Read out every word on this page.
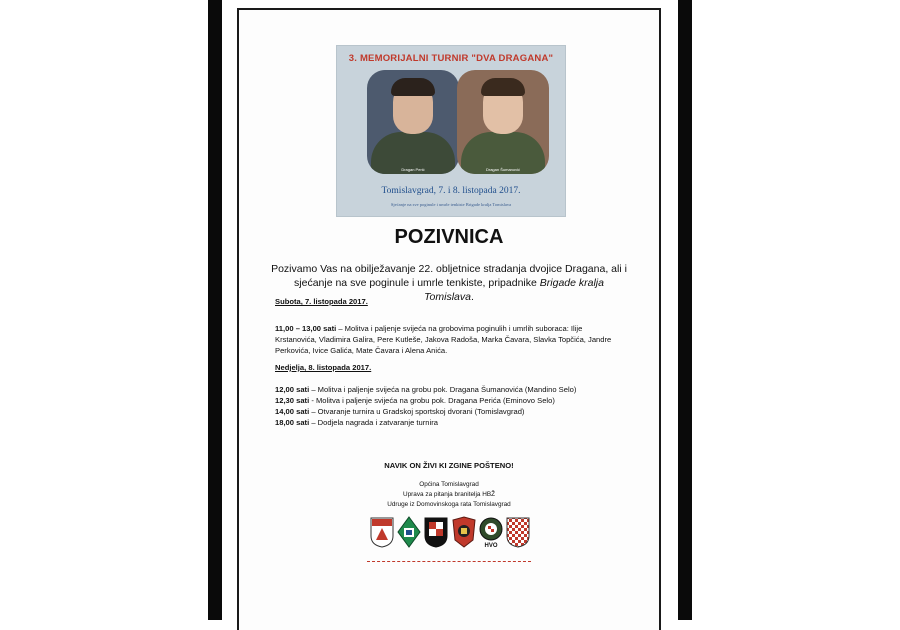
3. MEMORIJALNI TURNIR "DVA DRAGANA"
Dragan Perić	Dragan Šumanović
Tomislavgrad, 7. i 8. listopada 2017.
Sjećanje na sve poginule i umrle tenkiste Brigade kralja Tomislava
POZIVNICA
Pozivamo Vas na obilježavanje 22. obljetnice stradanja dvojice Dragana, ali i sjećanje na sve poginule i umrle tenkiste, pripadnike Brigade kralja Tomislava.
Subota, 7. listopada 2017.
11,00 – 13,00 sati – Molitva i paljenje svijeća na grobovima poginulih i umrlih suboraca: Ilije Krstanovića, Vladimira Galira, Pere Kutleše, Jakova Radoša, Marka Čavara, Slavka Topčića, Jandre Perkovića, Ivice Galića, Mate Čavara i Alena Anića.
Nedjelja, 8. listopada 2017.
12,00 sati – Molitva i paljenje svijeća na grobu pok. Dragana Šumanovića (Mandino Selo)
12,30 sati - Molitva i paljenje svijeća na grobu pok. Dragana Perića (Eminovo Selo)
14,00 sati – Otvaranje turnira u Gradskoj sportskoj dvorani (Tomislavgrad)
18,00 sati – Dodjela nagrada i zatvaranje turnira
NAVIK ON ŽIVI KI ZGINE POŠTENO!
Općina Tomislavgrad
Uprava za pitanja branitelja HBŽ
Udruge iz Domovinskoga rata Tomislavgrad
HVO
